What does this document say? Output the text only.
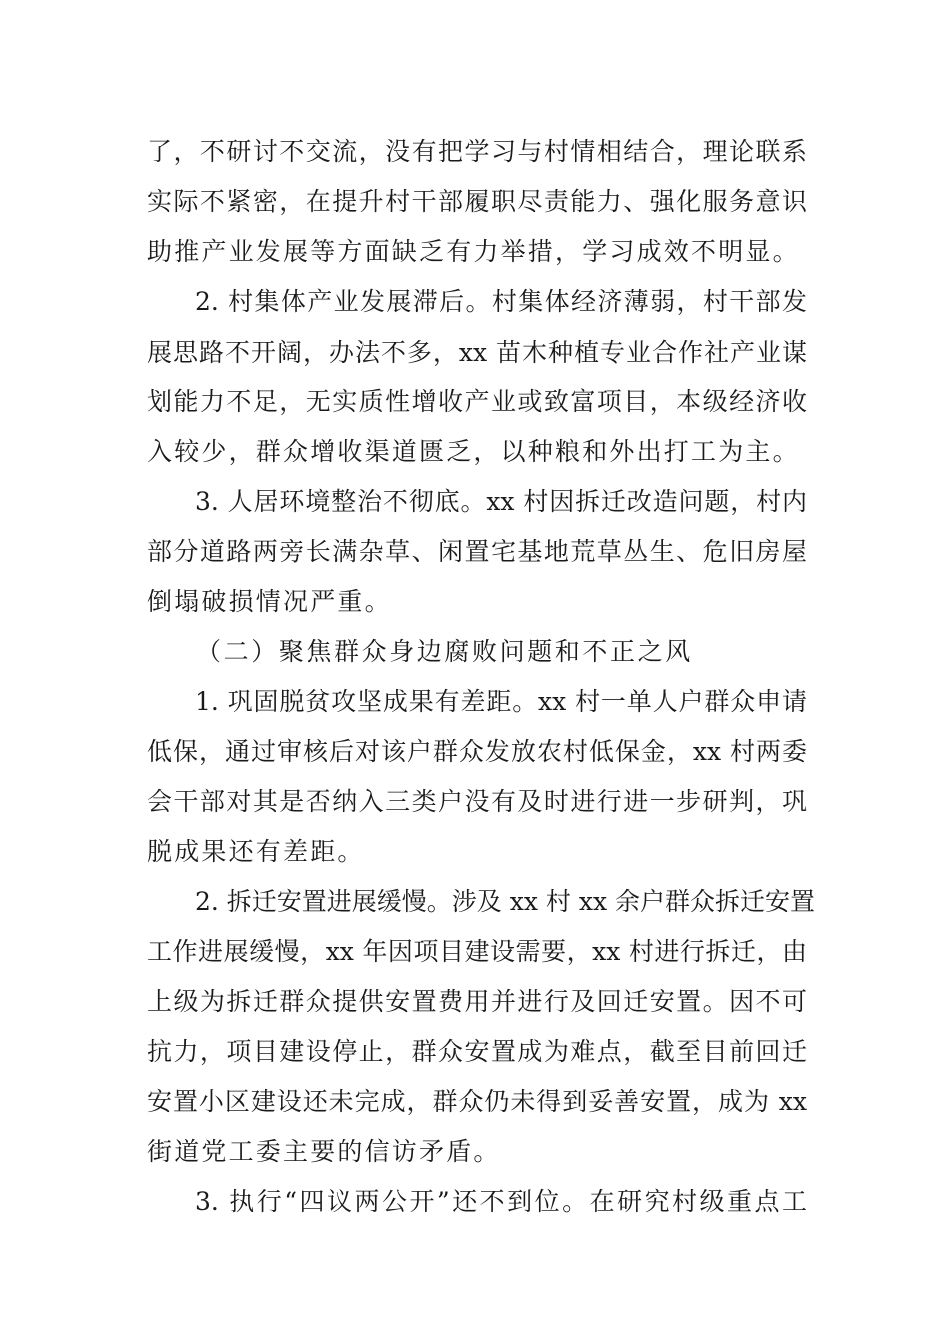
了，不研讨不交流，没有把学习与村情相结合，理论联系
实际不紧密，在提升村干部履职尽责能力、强化服务意识
助推产业发展等方面缺乏有力举措，学习成效不明显。
2. 村集体产业发展滞后。村集体经济薄弱，村干部发
展思路不开阔，办法不多，xx 苗木种植专业合作社产业谋
划能力不足，无实质性增收产业或致富项目，本级经济收
入较少，群众增收渠道匮乏，以种粮和外出打工为主。
3. 人居环境整治不彻底。xx 村因拆迁改造问题，村内
部分道路两旁长满杂草、闲置宅基地荒草丛生、危旧房屋
倒塌破损情况严重。
（二）聚焦群众身边腐败问题和不正之风
1. 巩固脱贫攻坚成果有差距。xx 村一单人户群众申请
低保，通过审核后对该户群众发放农村低保金，xx 村两委
会干部对其是否纳入三类户没有及时进行进一步研判，巩
脱成果还有差距。
2. 拆迁安置进展缓慢。涉及 xx 村 xx 余户群众拆迁安置
工作进展缓慢，xx 年因项目建设需要，xx 村进行拆迁，由
上级为拆迁群众提供安置费用并进行及回迁安置。因不可
抗力，项目建设停止，群众安置成为难点，截至目前回迁
安置小区建设还未完成，群众仍未得到妥善安置，成为 xx
街道党工委主要的信访矛盾。
3. 执行“四议两公开”还不到位。在研究村级重点工
